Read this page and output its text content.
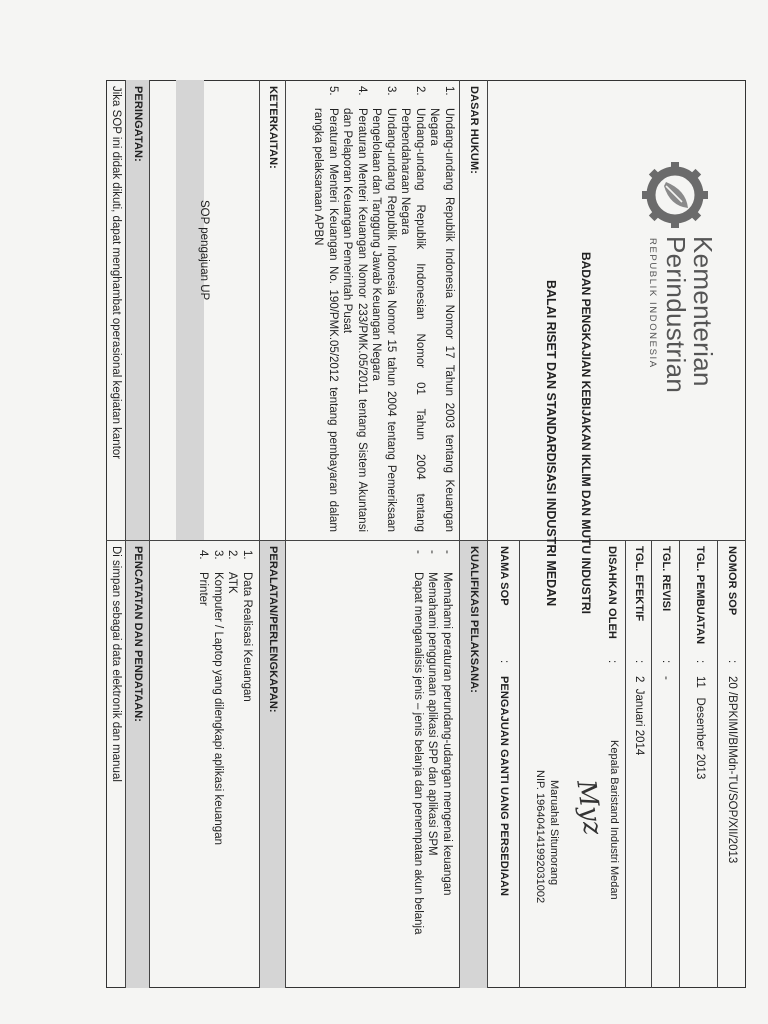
Kementerian
Perindustrian
REPUBLIK INDONESIA
BADAN PENGKAJIAN KEBIJAKAN IKLIM DAN MUTU INDUSTRI
BALAI RISET DAN STANDARDISASI INDUSTRI MEDAN	NOMOR SOP
:
20 /BPKIMI/BIMdn-TU/SOP/XII/2013
TGL. PEMBUATAN
:
11   Desember 2013
TGL. REVISI
:
-
TGL. EFEKTIF
:
2  Januari 2014
DISAHKAN OLEH
:
Kepala Baristand Industri Medan
Myz
Maruahal Situmorang
NIP. 196404141992031002
NAMA SOP
:
PENGAJUAN GANTI UANG PERSEDIAAN
DASAR HUKUM:
KUALIFIKASI PELAKSANA:
KETERKAITAN:
PERALATAN/PERLENGKAPAN:
PERINGATAN:
PENCATATAN DAN PENDATAAN:
1.
Undang-undang Republik Indonesia Nomor 17 Tahun 2003 tentang Keuangan Negara
2.
Undang-undang Republik Indonesian Nomor 01 Tahun 2004 tentang Perbendaharaan Negara
3.
Undang-undang Republik Indonesia Nomor 15 tahun 2004 tentang Pemeriksaan Pengelolaan dan Tanggung Jawab Keuangan Negara
4.
Peraturan Menteri Keuangan Nomor 233/PMK.05/2011 tentang Sistem Akuntansi dan Pelaporan Keuangan Pemerintah Pusat
5.
Peraturan Menteri Keuangan No. 190/PMK.05/2012 tentang pembayaran dalam rangka pelaksanaan APBN
-
Memahami peraturan perundang-udangan mengenai keuangan
-
Memahami penggunaan aplikasi SPP dan aplikasi SPM
-
Dapat menganalisis jenis – jenis belanja dan penempatan akun belanja
SOP pengajuan UP
1.
Data Realisasi Keuangan
2.
ATK
3.
Komputer / Laptop yang dilengkapi aplikasi keuangan
4.
Printer
Jika SOP ini didak dikuti, dapat menghambat operasional kegiatan kantor
Di simpan sebagai data elektronik dan manual
